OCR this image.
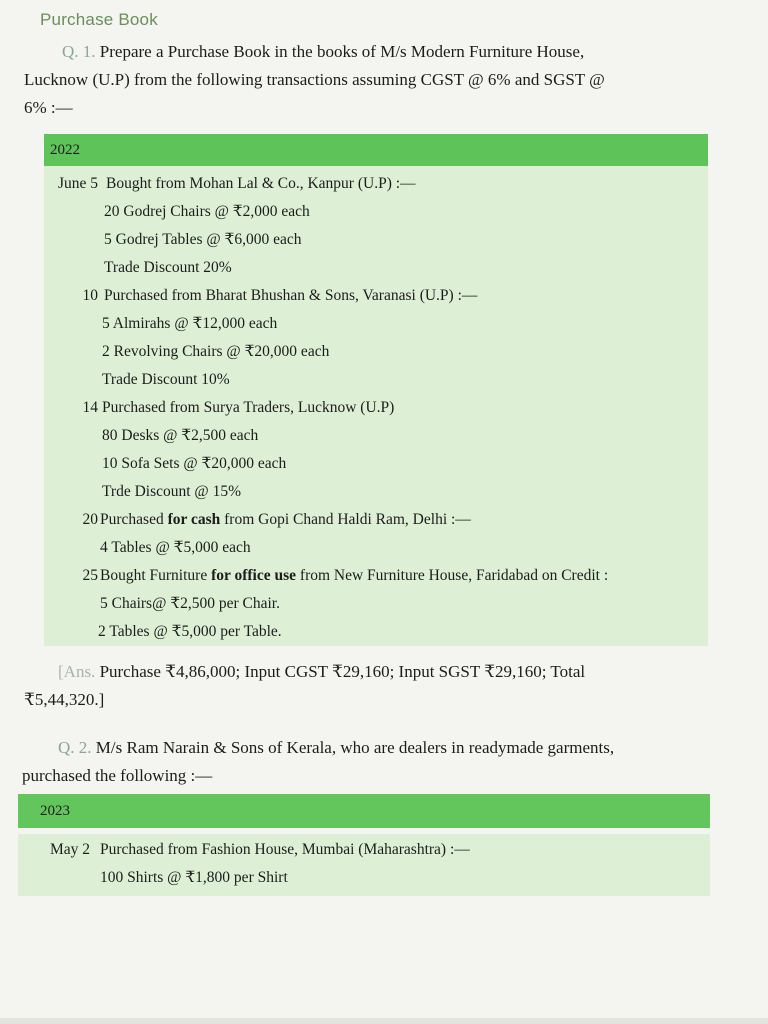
Purchase Book
Q. 1. Prepare a Purchase Book in the books of M/s Modern Furniture House,
Lucknow (U.P) from the following transactions assuming CGST @ 6% and SGST @
6% :—
2022
June 5 Bought from Mohan Lal & Co., Kanpur (U.P) :—
20 Godrej Chairs @ ₹2,000 each
5 Godrej Tables @ ₹6,000 each
Trade Discount 20%
10 Purchased from Bharat Bhushan & Sons, Varanasi (U.P) :—
5 Almirahs @ ₹12,000 each
2 Revolving Chairs @ ₹20,000 each
Trade Discount 10%
14 Purchased from Surya Traders, Lucknow (U.P)
80 Desks @ ₹2,500 each
10 Sofa Sets @ ₹20,000 each
Trde Discount @ 15%
20 Purchased for cash from Gopi Chand Haldi Ram, Delhi :—
4 Tables @ ₹5,000 each
25 Bought Furniture for office use from New Furniture House, Faridabad on Credit :
5 Chairs@ ₹2,500 per Chair.
2 Tables @ ₹5,000 per Table.
[Ans. Purchase ₹4,86,000; Input CGST ₹29,160; Input SGST ₹29,160; Total
₹5,44,320.]
Q. 2. M/s Ram Narain & Sons of Kerala, who are dealers in readymade garments,
purchased the following :—
2023
May 2 Purchased from Fashion House, Mumbai (Maharashtra) :—
100 Shirts @ ₹1,800 per Shirt
